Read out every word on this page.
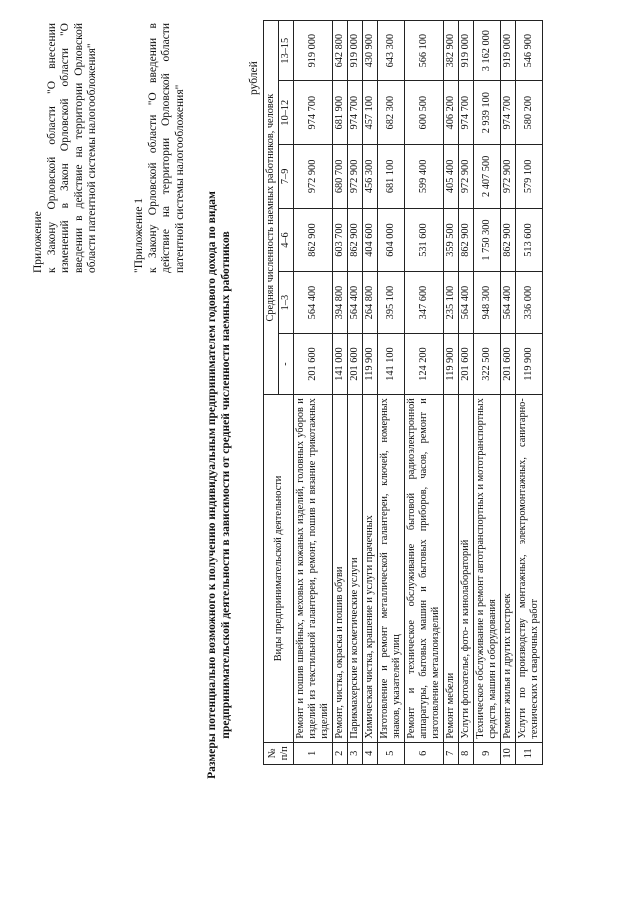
Приложение к Закону Орловской области "О внесении изменений в Закон Орловской области "О введении в действие на территории Орловской области патентной системы налогообложения"	"Приложение 1 к Закону Орловской области "О введении в действие на территории Орловской области патентной системы налогообложения"

Размеры потенциально возможного к получению индивидуальным предпринимателем годового дохода по видам предпринимательской деятельности в зависимости от средней численности наемных работников
рублей
№ п/п	Виды предпринимательской деятельности	Средняя численность наемных работников, человек					
		-	1–3	4–6	7–9	10–12	13–15
1	Ремонт и пошив швейных, меховых и кожаных изделий, головных уборов и изделий из текстильной галантереи, ремонт, пошив и вязание трикотажных изделий	201 600	564 400	862 900	972 900	974 700	919 000
2	Ремонт, чистка, окраска и пошив обуви	141 000	394 800	603 700	680 700	681 900	642 800
3	Парикмахерские и косметические услуги	201 600	564 400	862 900	972 900	974 700	919 000
4	Химическая чистка, крашение и услуги прачечных	119 900	264 800	404 600	456 300	457 100	430 900
5	Изготовление и ремонт металлической галантереи, ключей, номерных знаков, указателей улиц	141 100	395 100	604 000	681 100	682 300	643 300
6	Ремонт и техническое обслуживание бытовой радиоэлектронной аппаратуры, бытовых машин и бытовых приборов, часов, ремонт и изготовление металлоизделий	124 200	347 600	531 600	599 400	600 500	566 100
7	Ремонт мебели	119 900	235 100	359 500	405 400	406 200	382 900
8	Услуги фотоателье, фото- и кинолабораторий	201 600	564 400	862 900	972 900	974 700	919 000
9	Техническое обслуживание и ремонт автотранспортных и мототранспортных средств, машин и оборудования	322 500	948 300	1 750 300	2 407 500	2 939 100	3 162 000
10	Ремонт жилья и других построек	201 600	564 400	862 900	972 900	974 700	919 000
11	Услуги по производству монтажных, электромонтажных, санитарно-технических и сварочных работ	119 900	336 000	513 600	579 100	580 200	546 900
